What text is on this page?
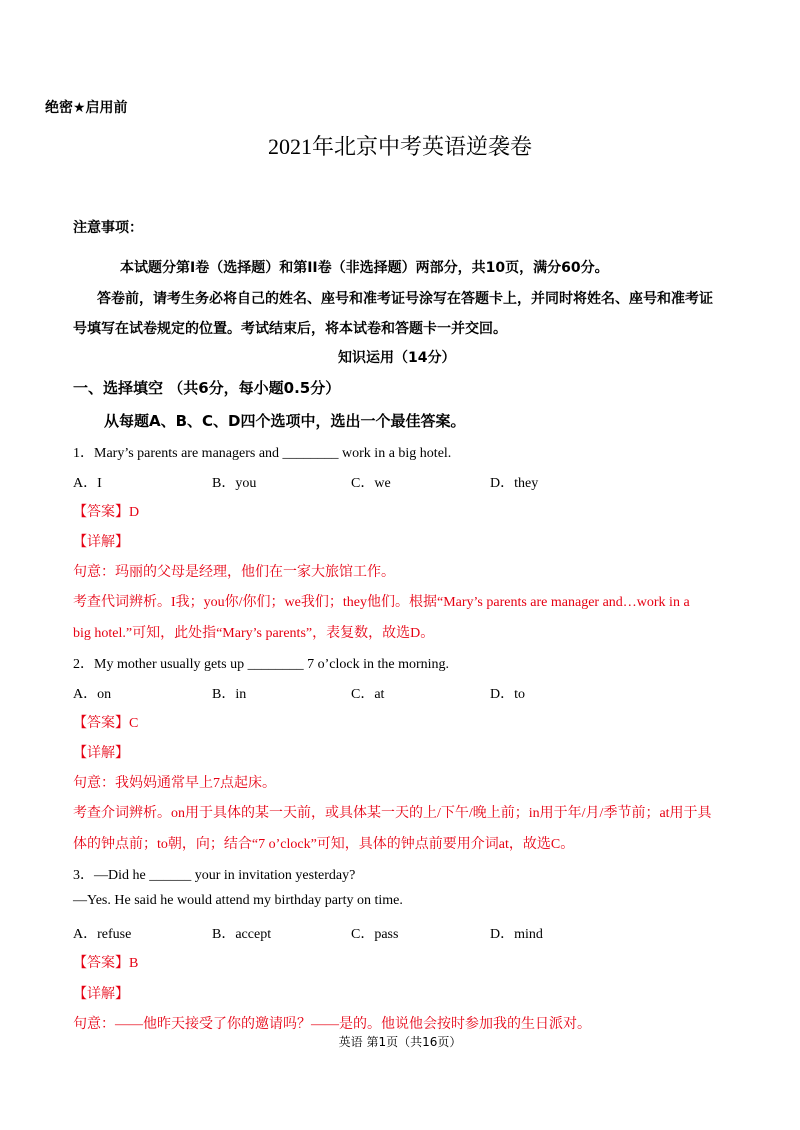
绝密★启用前
2021年北京中考英语逆袭卷
注意事项：
本试题分第I卷（选择题）和第II卷（非选择题）两部分，共10页，满分60分。
答卷前，请考生务必将自己的姓名、座号和准考证号涂写在答题卡上，并同时将姓名、座号和准考证
号填写在试卷规定的位置。考试结束后，将本试卷和答题卡一并交回。
知识运用（14分）
一、选择填空 （共6分，每小题0.5分）
从每题A、B、C、D四个选项中，选出一个最佳答案。
1．Mary’s parents are managers and ________ work in a big hotel.
A．I	B．you	C．we	D．they
【答案】D
【详解】
句意：玛丽的父母是经理，他们在一家大旅馆工作。
考查代词辨析。I我；you你/你们；we我们；they他们。根据“Mary’s parents are manager and…work in a
big hotel.”可知，此处指“Mary’s parents”，表复数，故选D。
2．My mother usually gets up ________ 7 o’clock in the morning.
A．on	B．in	C．at	D．to
【答案】C
【详解】
句意：我妈妈通常早上7点起床。
考查介词辨析。on用于具体的某一天前，或具体某一天的上/下午/晚上前；in用于年/月/季节前；at用于具
体的钟点前；to朝，向；结合“7 o’clock”可知，具体的钟点前要用介词at，故选C。
3．—Did he ______ your in invitation yesterday?
—Yes. He said he would attend my birthday party on time.
A．refuse	B．accept	C．pass	D．mind
【答案】B
【详解】
句意：——他昨天接受了你的邀请吗？——是的。他说他会按时参加我的生日派对。
英语 第1页（共16页）
